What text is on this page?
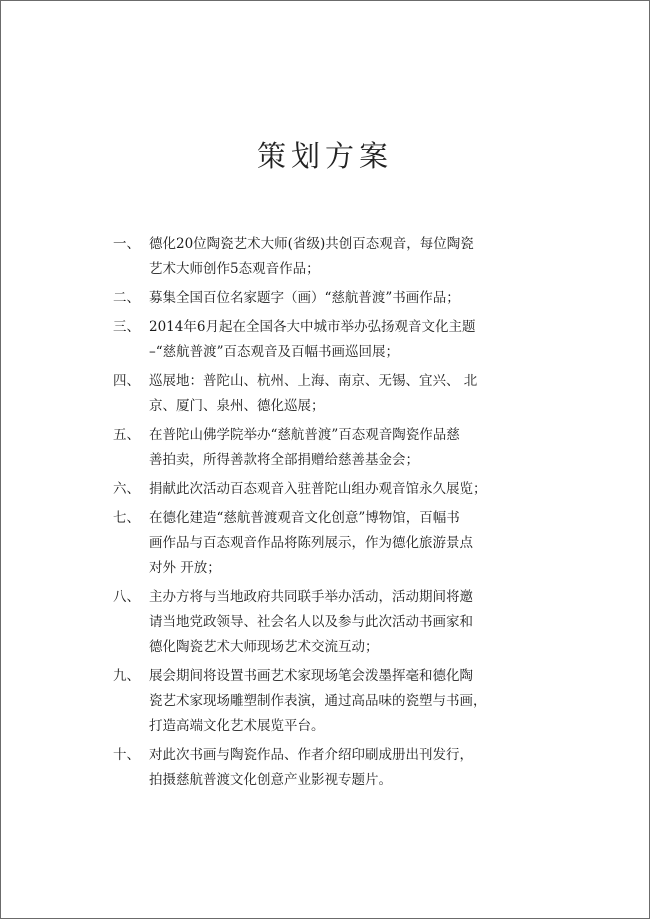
策划方案
一、 德化20位陶瓷艺术大师(省级)共创百态观音，每位陶瓷
艺术大师创作5态观音作品；
二、 募集全国百位名家题字（画）“慈航普渡”书画作品；
三、 2014年6月起在全国各大中城市举办弘扬观音文化主题
–“慈航普渡”百态观音及百幅书画巡回展；
四、 巡展地：普陀山、杭州、上海、南京、无锡、宜兴、 北
京、厦门、泉州、德化巡展；
五、 在普陀山佛学院举办“慈航普渡”百态观音陶瓷作品慈
善拍卖，所得善款将全部捐赠给慈善基金会；
六、 捐献此次活动百态观音入驻普陀山组办观音馆永久展览；
七、 在德化建造“慈航普渡观音文化创意”博物馆，百幅书
画作品与百态观音作品将陈列展示，作为德化旅游景点
对外 开放；
八、 主办方将与当地政府共同联手举办活动，活动期间将邀
请当地党政领导、社会名人以及参与此次活动书画家和
德化陶瓷艺术大师现场艺术交流互动；
九、 展会期间将设置书画艺术家现场笔会泼墨挥毫和德化陶
瓷艺术家现场雕塑制作表演，通过高品味的瓷塑与书画，
打造高端文化艺术展览平台。
十、 对此次书画与陶瓷作品、作者介绍印刷成册出刊发行，
拍摄慈航普渡文化创意产业影视专题片。
